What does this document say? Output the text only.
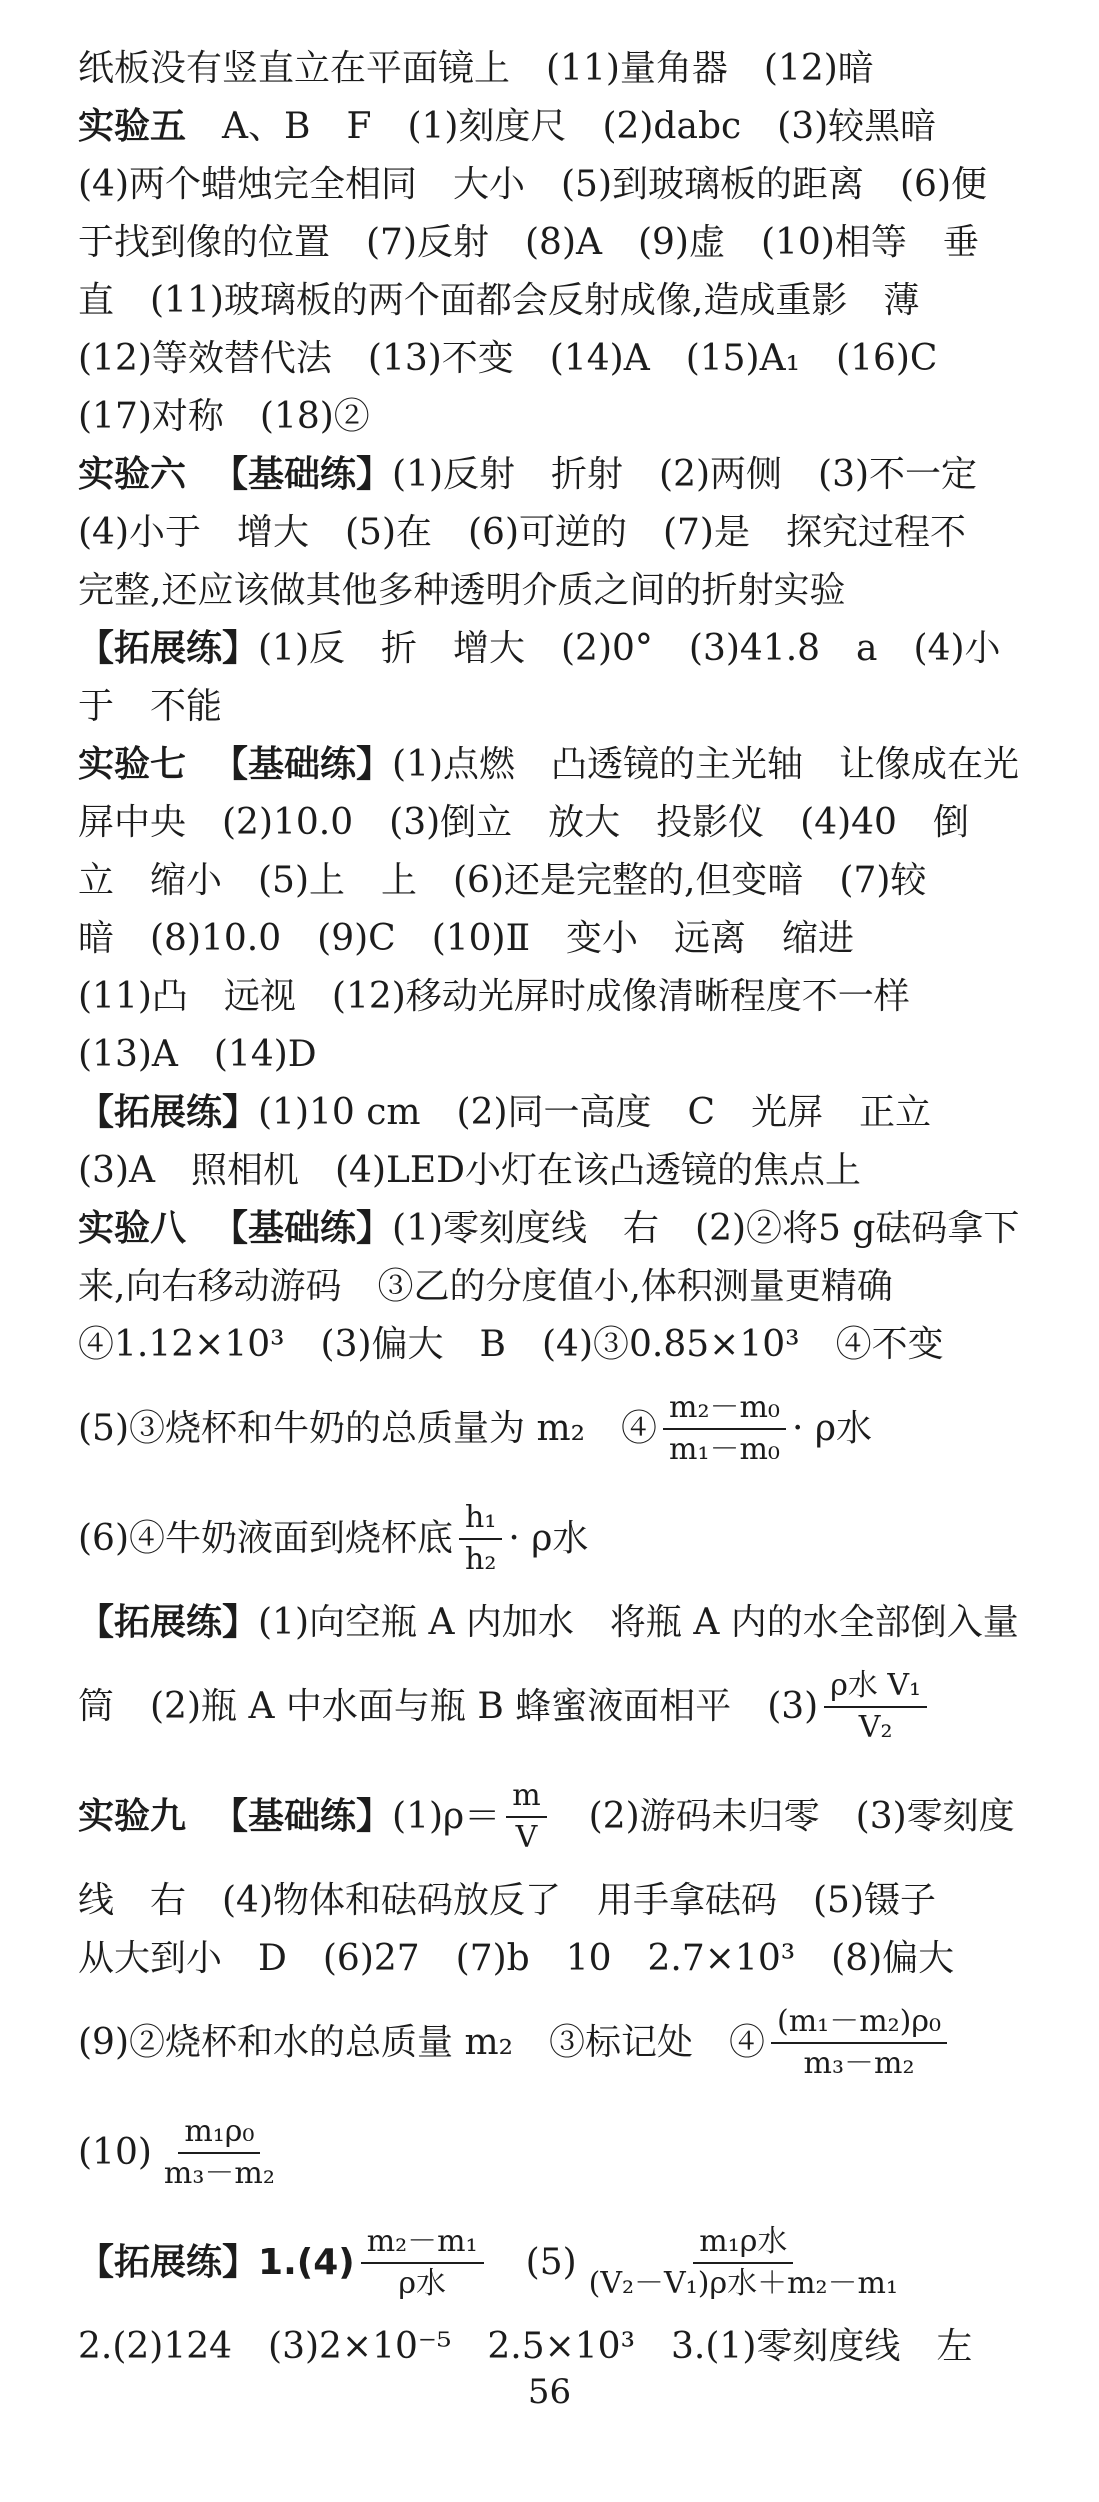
纸板没有竖直立在平面镜上　(11)量角器　(12)暗
实验五　A、B　F　(1)刻度尺　(2)dabc　(3)较黑暗
(4)两个蜡烛完全相同　大小　(5)到玻璃板的距离　(6)便
于找到像的位置　(7)反射　(8)A　(9)虚　(10)相等　垂
直　(11)玻璃板的两个面都会反射成像,造成重影　薄
(12)等效替代法　(13)不变　(14)A　(15)A₁　(16)C
(17)对称　(18)②
实验六 【基础练】(1)反射　折射　(2)两侧　(3)不一定
(4)小于　增大　(5)在　(6)可逆的　(7)是　探究过程不
完整,还应该做其他多种透明介质之间的折射实验
【拓展练】(1)反　折　增大　(2)0°　(3)41.8　a　(4)小
于　不能
实验七 【基础练】(1)点燃　凸透镜的主光轴　让像成在光
屏中央　(2)10.0　(3)倒立　放大　投影仪　(4)40　倒
立　缩小　(5)上　上　(6)还是完整的,但变暗　(7)较
暗　(8)10.0　(9)C　(10)Ⅱ　变小　远离　缩进
(11)凸　远视　(12)移动光屏时成像清晰程度不一样
(13)A　(14)D
【拓展练】(1)10 cm　(2)同一高度　C　光屏　正立
(3)A　照相机　(4)LED小灯在该凸透镜的焦点上
实验八 【基础练】(1)零刻度线　右　(2)②将5 g砝码拿下
来,向右移动游码　③乙的分度值小,体积测量更精确
④1.12×10³　(3)偏大　B　(4)③0.85×10³　④不变
(5)③烧杯和牛奶的总质量为 m₂　④ $\frac{\text{m₂－m₀}}{\text{m₁－m₀}} \cdot \rho$水
(6)④牛奶液面到烧杯底 $\frac{\text{h₁}}{\text{h₂}} \cdot \rho$水
【拓展练】(1)向空瓶 A 内加水　将瓶 A 内的水全部倒入量
筒　(2)瓶 A 中水面与瓶 B 蜂蜜液面相平　$(3) \frac{\text{ρ水 V₁}}{\text{V₂}}$
实验九 【基础练】 $(1)\rho= \frac{m}{V}$ 　(2)游码未归零　(3)零刻度
线　右　(4)物体和砝码放反了　用手拿砝码　(5)镊子
从大到小　D　(6)27　(7)b　10　2.7×10³　(8)偏大
(9)②烧杯和水的总质量 m₂　③标记处　④ $\frac{\text{(m₁－m₂)ρ₀}}{\text{m₃－m₂}}$
$(10) \frac{\text{m₁ρ₀}}{\text{m₃－m₂}}$
【拓展练】 $1.(4) \frac{\text{m₂－m₁}}{\text{ρ水}}$ 　$(5) \frac{\text{m₁ρ水}}{\text{(V₂－V₁)ρ水＋m₂－m₁}}$
2.(2)124　(3)2×10⁻⁵　2.5×10³　3.(1)零刻度线　左
56
